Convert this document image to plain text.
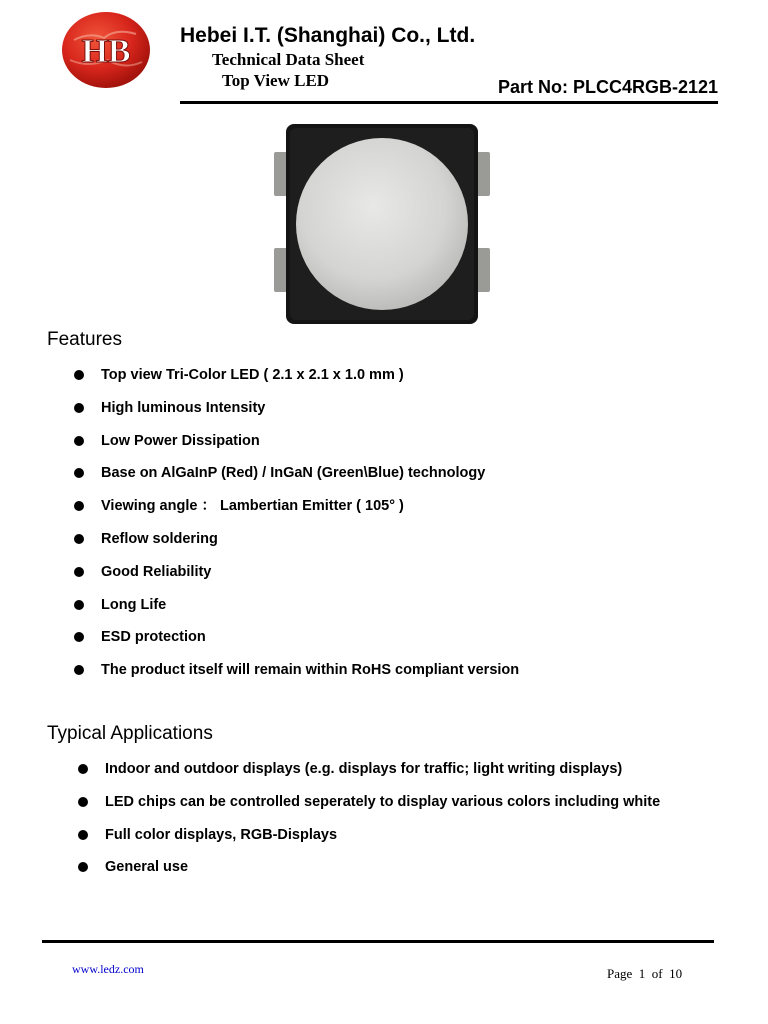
HB Hebei I.T. (Shanghai) Co., Ltd.
Technical Data Sheet
Top View LED	Part No: PLCC4RGB-2121
Features
Top view Tri-Color LED ( 2.1 x 2.1 x 1.0 mm )
High luminous Intensity
Low Power Dissipation
Base on AlGaInP (Red) / InGaN (Green\Blue) technology
Viewing angle ： Lambertian Emitter ( 105° )
Reflow soldering
Good Reliability
Long Life
ESD protection
The product itself will remain within RoHS compliant version
Typical Applications
Indoor and outdoor displays (e.g. displays for traffic; light writing displays)
LED chips can be controlled seperately to display various colors including white
Full color displays, RGB-Displays
General use
www.ledz.com	Page 1 of 10
